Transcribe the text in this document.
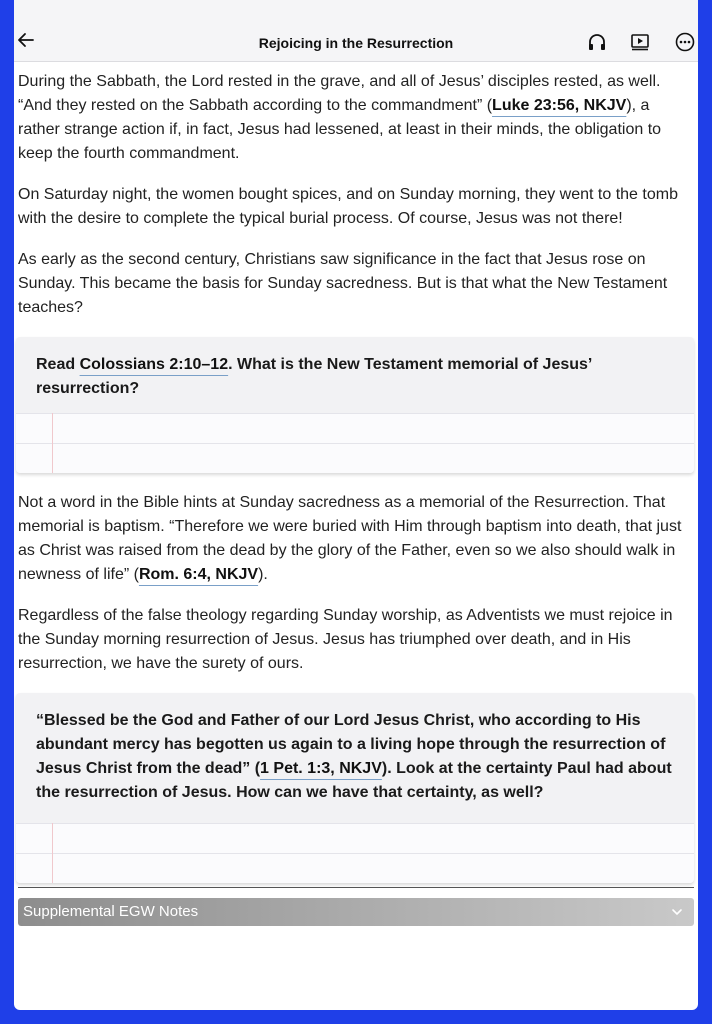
Rejoicing in the Resurrection

During the Sabbath, the Lord rested in the grave, and all of Jesus’ disciples rested, as well. “And they rested on the Sabbath according to the commandment” (Luke 23:56, NKJV), a rather strange action if, in fact, Jesus had lessened, at least in their minds, the obligation to keep the fourth commandment.

On Saturday night, the women bought spices, and on Sunday morning, they went to the tomb with the desire to complete the typical burial process. Of course, Jesus was not there!

As early as the second century, Christians saw significance in the fact that Jesus rose on Sunday. This became the basis for Sunday sacredness. But is that what the New Testament teaches?

Read Colossians 2:10–12. What is the New Testament memorial of Jesus’ resurrection?

Not a word in the Bible hints at Sunday sacredness as a memorial of the Resurrection. That memorial is baptism. “Therefore we were buried with Him through baptism into death, that just as Christ was raised from the dead by the glory of the Father, even so we also should walk in newness of life” (Rom. 6:4, NKJV).

Regardless of the false theology regarding Sunday worship, as Adventists we must rejoice in the Sunday morning resurrection of Jesus. Jesus has triumphed over death, and in His resurrection, we have the surety of ours.

“Blessed be the God and Father of our Lord Jesus Christ, who according to His abundant mercy has begotten us again to a living hope through the resurrection of Jesus Christ from the dead” (1 Pet. 1:3, NKJV). Look at the certainty Paul had about the resurrection of Jesus. How can we have that certainty, as well?
Supplemental EGW Notes
